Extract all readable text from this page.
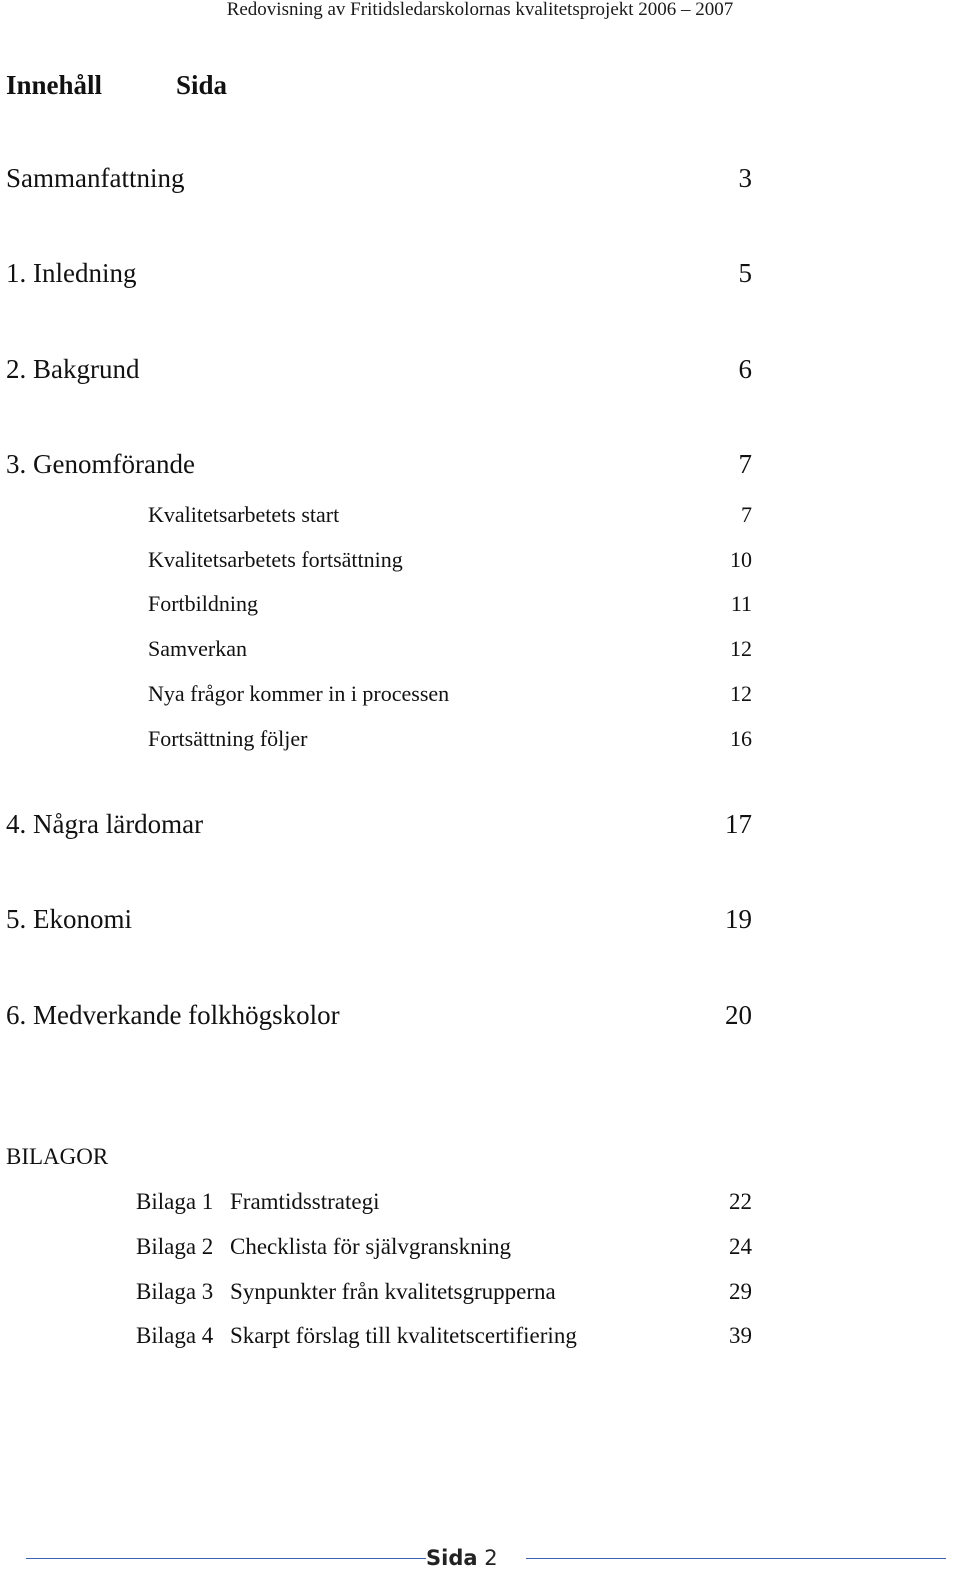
Redovisning av Fritidsledarskolornas kvalitetsprojekt 2006 – 2007
Innehåll	Sida
Sammanfattning	3
1. Inledning	5
2. Bakgrund	6
3. Genomförande	7
Kvalitetsarbetets start	7
Kvalitetsarbetets fortsättning	10
Fortbildning	11
Samverkan	12
Nya frågor kommer in i processen	12
Fortsättning följer	16
4. Några lärdomar	17
5. Ekonomi	19
6. Medverkande folkhögskolor	20
BILAGOR
Bilaga 1 Framtidsstrategi	22
Bilaga 2 Checklista för självgranskning	24
Bilaga 3 Synpunkter från kvalitetsgrupperna	29
Bilaga 4 Skarpt förslag till kvalitetscertifiering	39
Sida 2
